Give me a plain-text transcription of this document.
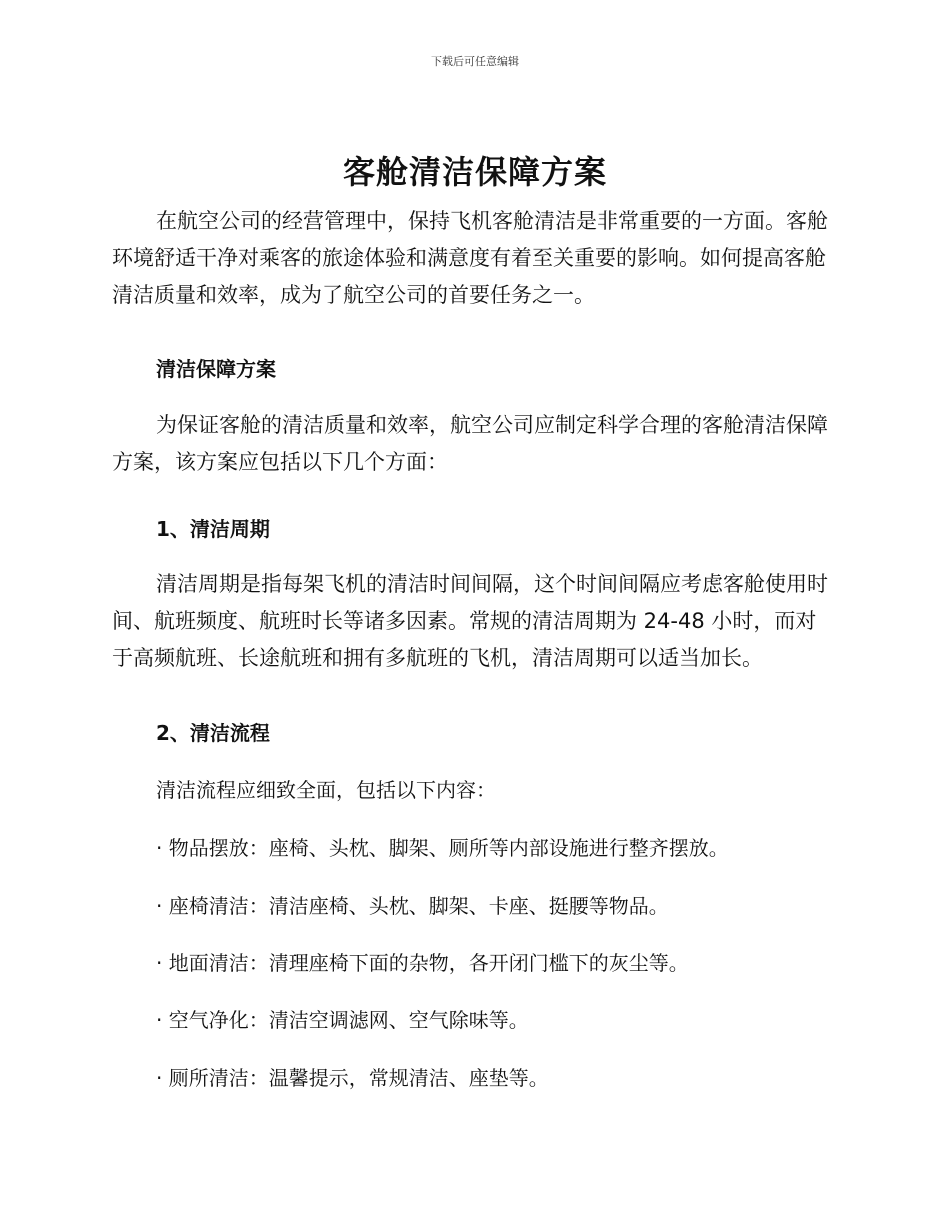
下载后可任意编辑
客舱清洁保障方案

在航空公司的经营管理中，保持飞机客舱清洁是非常重要的一方面。客舱环境舒适干净对乘客的旅途体验和满意度有着至关重要的影响。如何提高客舱清洁质量和效率，成为了航空公司的首要任务之一。

清洁保障方案

为保证客舱的清洁质量和效率，航空公司应制定科学合理的客舱清洁保障方案，该方案应包括以下几个方面：

1、清洁周期

清洁周期是指每架飞机的清洁时间间隔，这个时间间隔应考虑客舱使用时间、航班频度、航班时长等诸多因素。常规的清洁周期为 24-48 小时，而对于高频航班、长途航班和拥有多航班的飞机，清洁周期可以适当加长。

2、清洁流程
清洁流程应细致全面，包括以下内容：
· 物品摆放：座椅、头枕、脚架、厕所等内部设施进行整齐摆放。
· 座椅清洁：清洁座椅、头枕、脚架、卡座、挺腰等物品。
· 地面清洁：清理座椅下面的杂物，各开闭门槛下的灰尘等。
· 空气净化：清洁空调滤网、空气除味等。
· 厕所清洁：温馨提示，常规清洁、座垫等。
